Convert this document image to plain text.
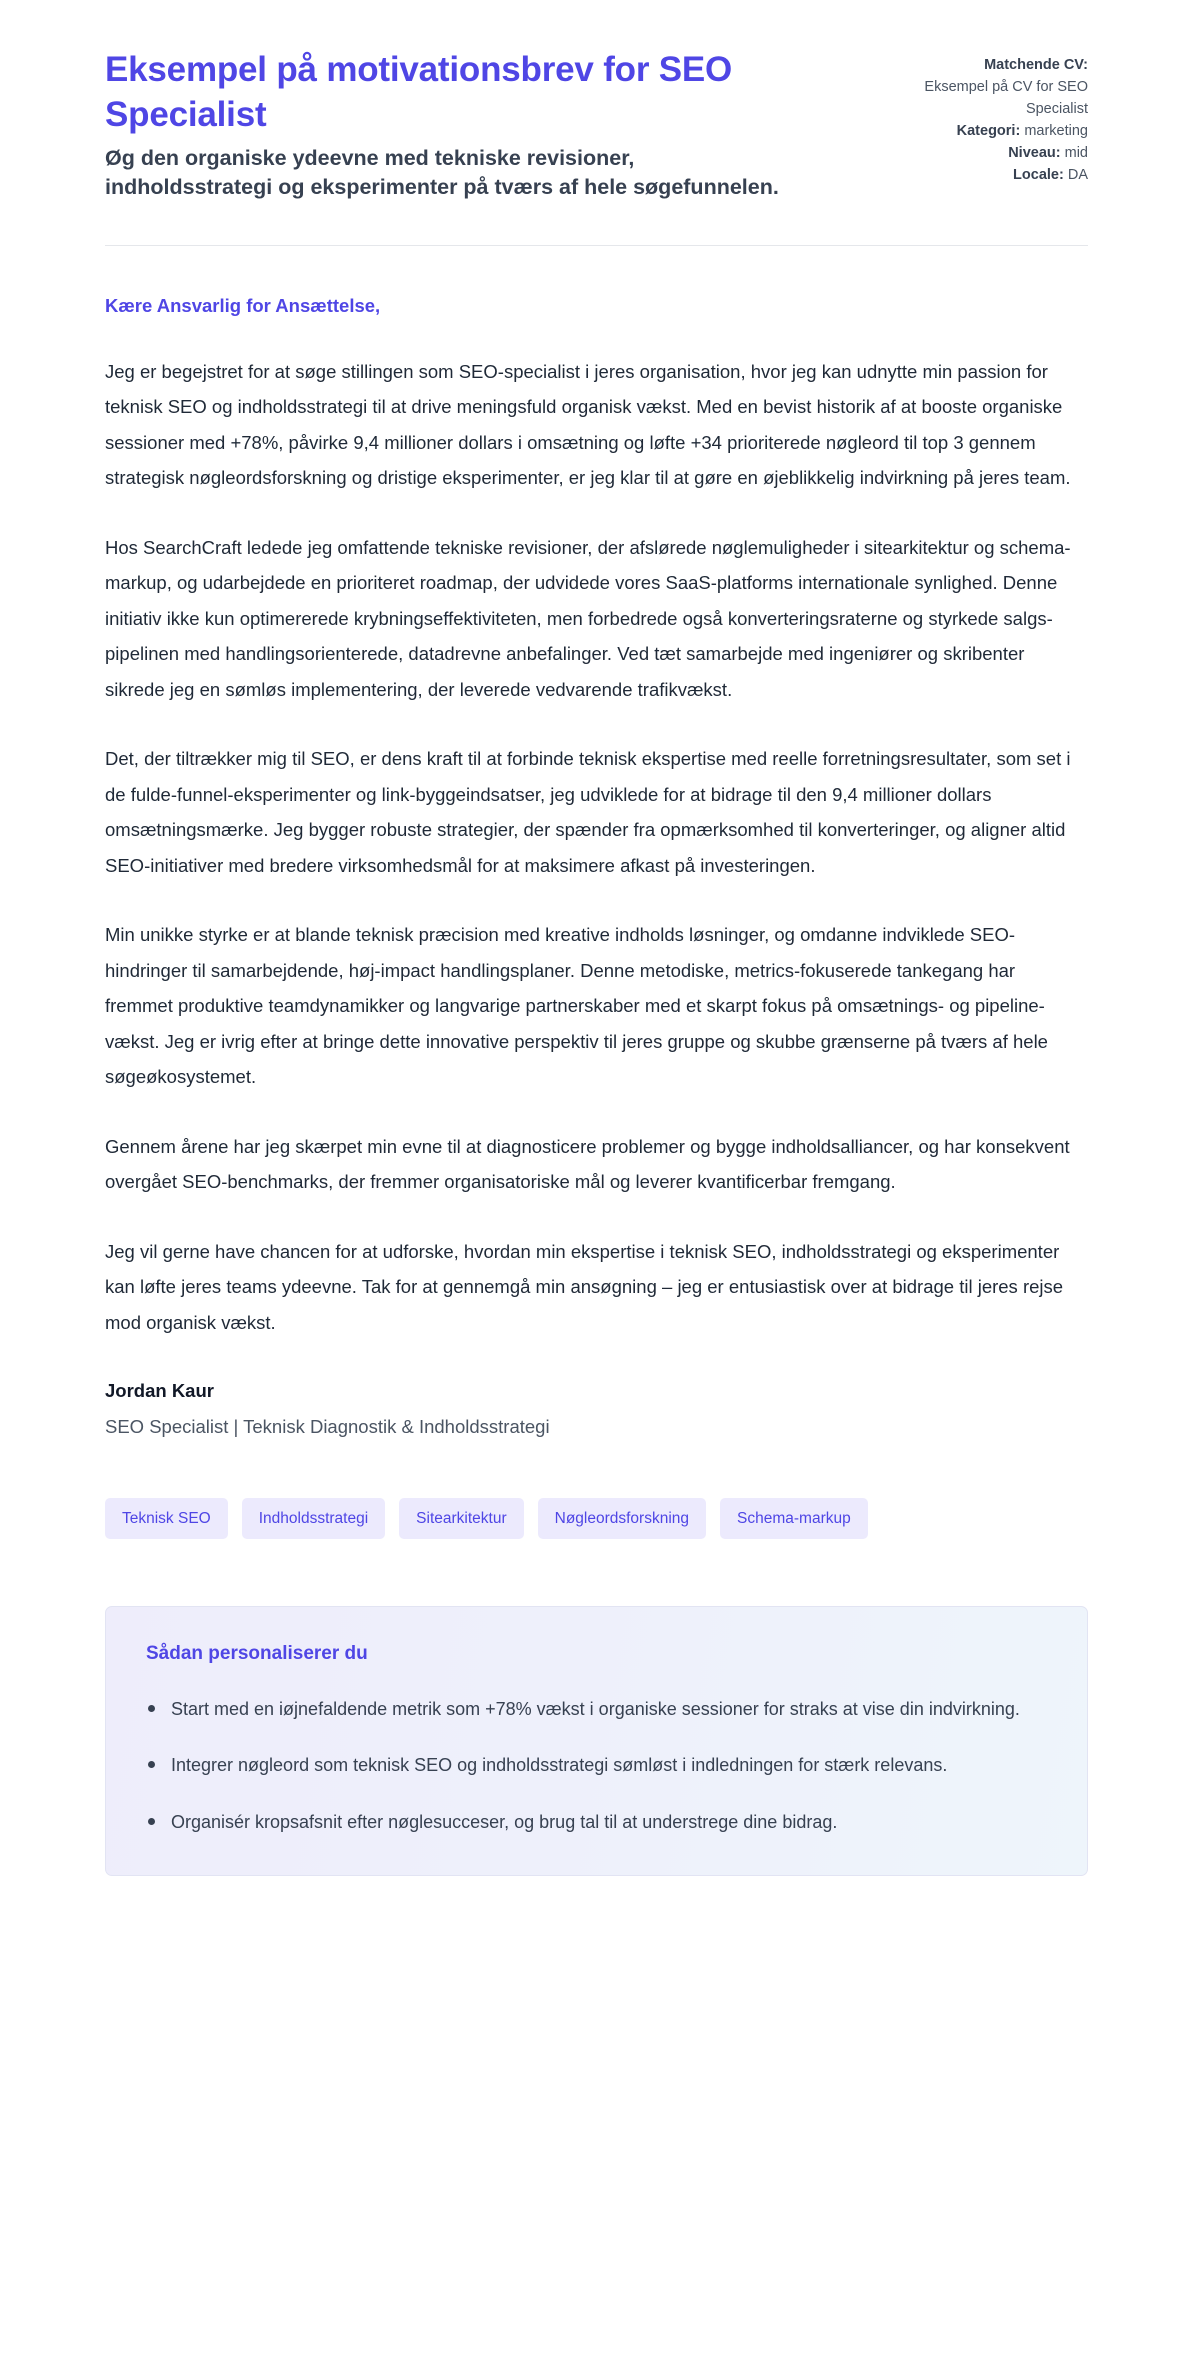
Eksempel på motivationsbrev for SEO Specialist

Øg den organiske ydeevne med tekniske revisioner, indholdsstrategi og eksperimenter på tværs af hele søgefunnelen.

Matchende CV:
Eksempel på CV for SEO Specialist
Kategori: marketing
Niveau: mid
Locale: DA

Kære Ansvarlig for Ansættelse,

Jeg er begejstret for at søge stillingen som SEO-specialist i jeres organisation, hvor jeg kan udnytte min passion for teknisk SEO og indholdsstrategi til at drive meningsfuld organisk vækst. Med en bevist historik af at booste organiske sessioner med +78%, påvirke 9,4 millioner dollars i omsætning og løfte +34 prioriterede nøgleord til top 3 gennem strategisk nøgleordsforskning og dristige eksperimenter, er jeg klar til at gøre en øjeblikkelig indvirkning på jeres team.

Hos SearchCraft ledede jeg omfattende tekniske revisioner, der afslørede nøglemuligheder i sitearkitektur og schema-markup, og udarbejdede en prioriteret roadmap, der udvidede vores SaaS-platforms internationale synlighed. Denne initiativ ikke kun optimererede krybningseffektiviteten, men forbedrede også konverteringsraterne og styrkede salgs-pipelinen med handlingsorienterede, datadrevne anbefalinger. Ved tæt samarbejde med ingeniører og skribenter sikrede jeg en sømløs implementering, der leverede vedvarende trafikvækst.

Det, der tiltrækker mig til SEO, er dens kraft til at forbinde teknisk ekspertise med reelle forretningsresultater, som set i de fulde-funnel-eksperimenter og link-byggeindsatser, jeg udviklede for at bidrage til den 9,4 millioner dollars omsætningsmærke. Jeg bygger robuste strategier, der spænder fra opmærksomhed til konverteringer, og aligner altid SEO-initiativer med bredere virksomhedsmål for at maksimere afkast på investeringen.

Min unikke styrke er at blande teknisk præcision med kreative indholds løsninger, og omdanne indviklede SEO-hindringer til samarbejdende, høj-impact handlingsplaner. Denne metodiske, metrics-fokuserede tankegang har fremmet produktive teamdynamikker og langvarige partnerskaber med et skarpt fokus på omsætnings- og pipeline-vækst. Jeg er ivrig efter at bringe dette innovative perspektiv til jeres gruppe og skubbe grænserne på tværs af hele søgeøkosystemet.

Gennem årene har jeg skærpet min evne til at diagnosticere problemer og bygge indholdsalliancer, og har konsekvent overgået SEO-benchmarks, der fremmer organisatoriske mål og leverer kvantificerbar fremgang.

Jeg vil gerne have chancen for at udforske, hvordan min ekspertise i teknisk SEO, indholdsstrategi og eksperimenter kan løfte jeres teams ydeevne. Tak for at gennemgå min ansøgning – jeg er entusiastisk over at bidrage til jeres rejse mod organisk vækst.

Jordan Kaur

SEO Specialist | Teknisk Diagnostik & Indholdsstrategi

Teknisk SEO	Indholdsstrategi	Sitearkitektur	Nøgleordsforskning	Schema-markup

Sådan personaliserer du

Start med en iøjnefaldende metrik som +78% vækst i organiske sessioner for straks at vise din indvirkning.
Integrer nøgleord som teknisk SEO og indholdsstrategi sømløst i indledningen for stærk relevans.
Organisér kropsafsnit efter nøglesucceser, og brug tal til at understrege dine bidrag.
